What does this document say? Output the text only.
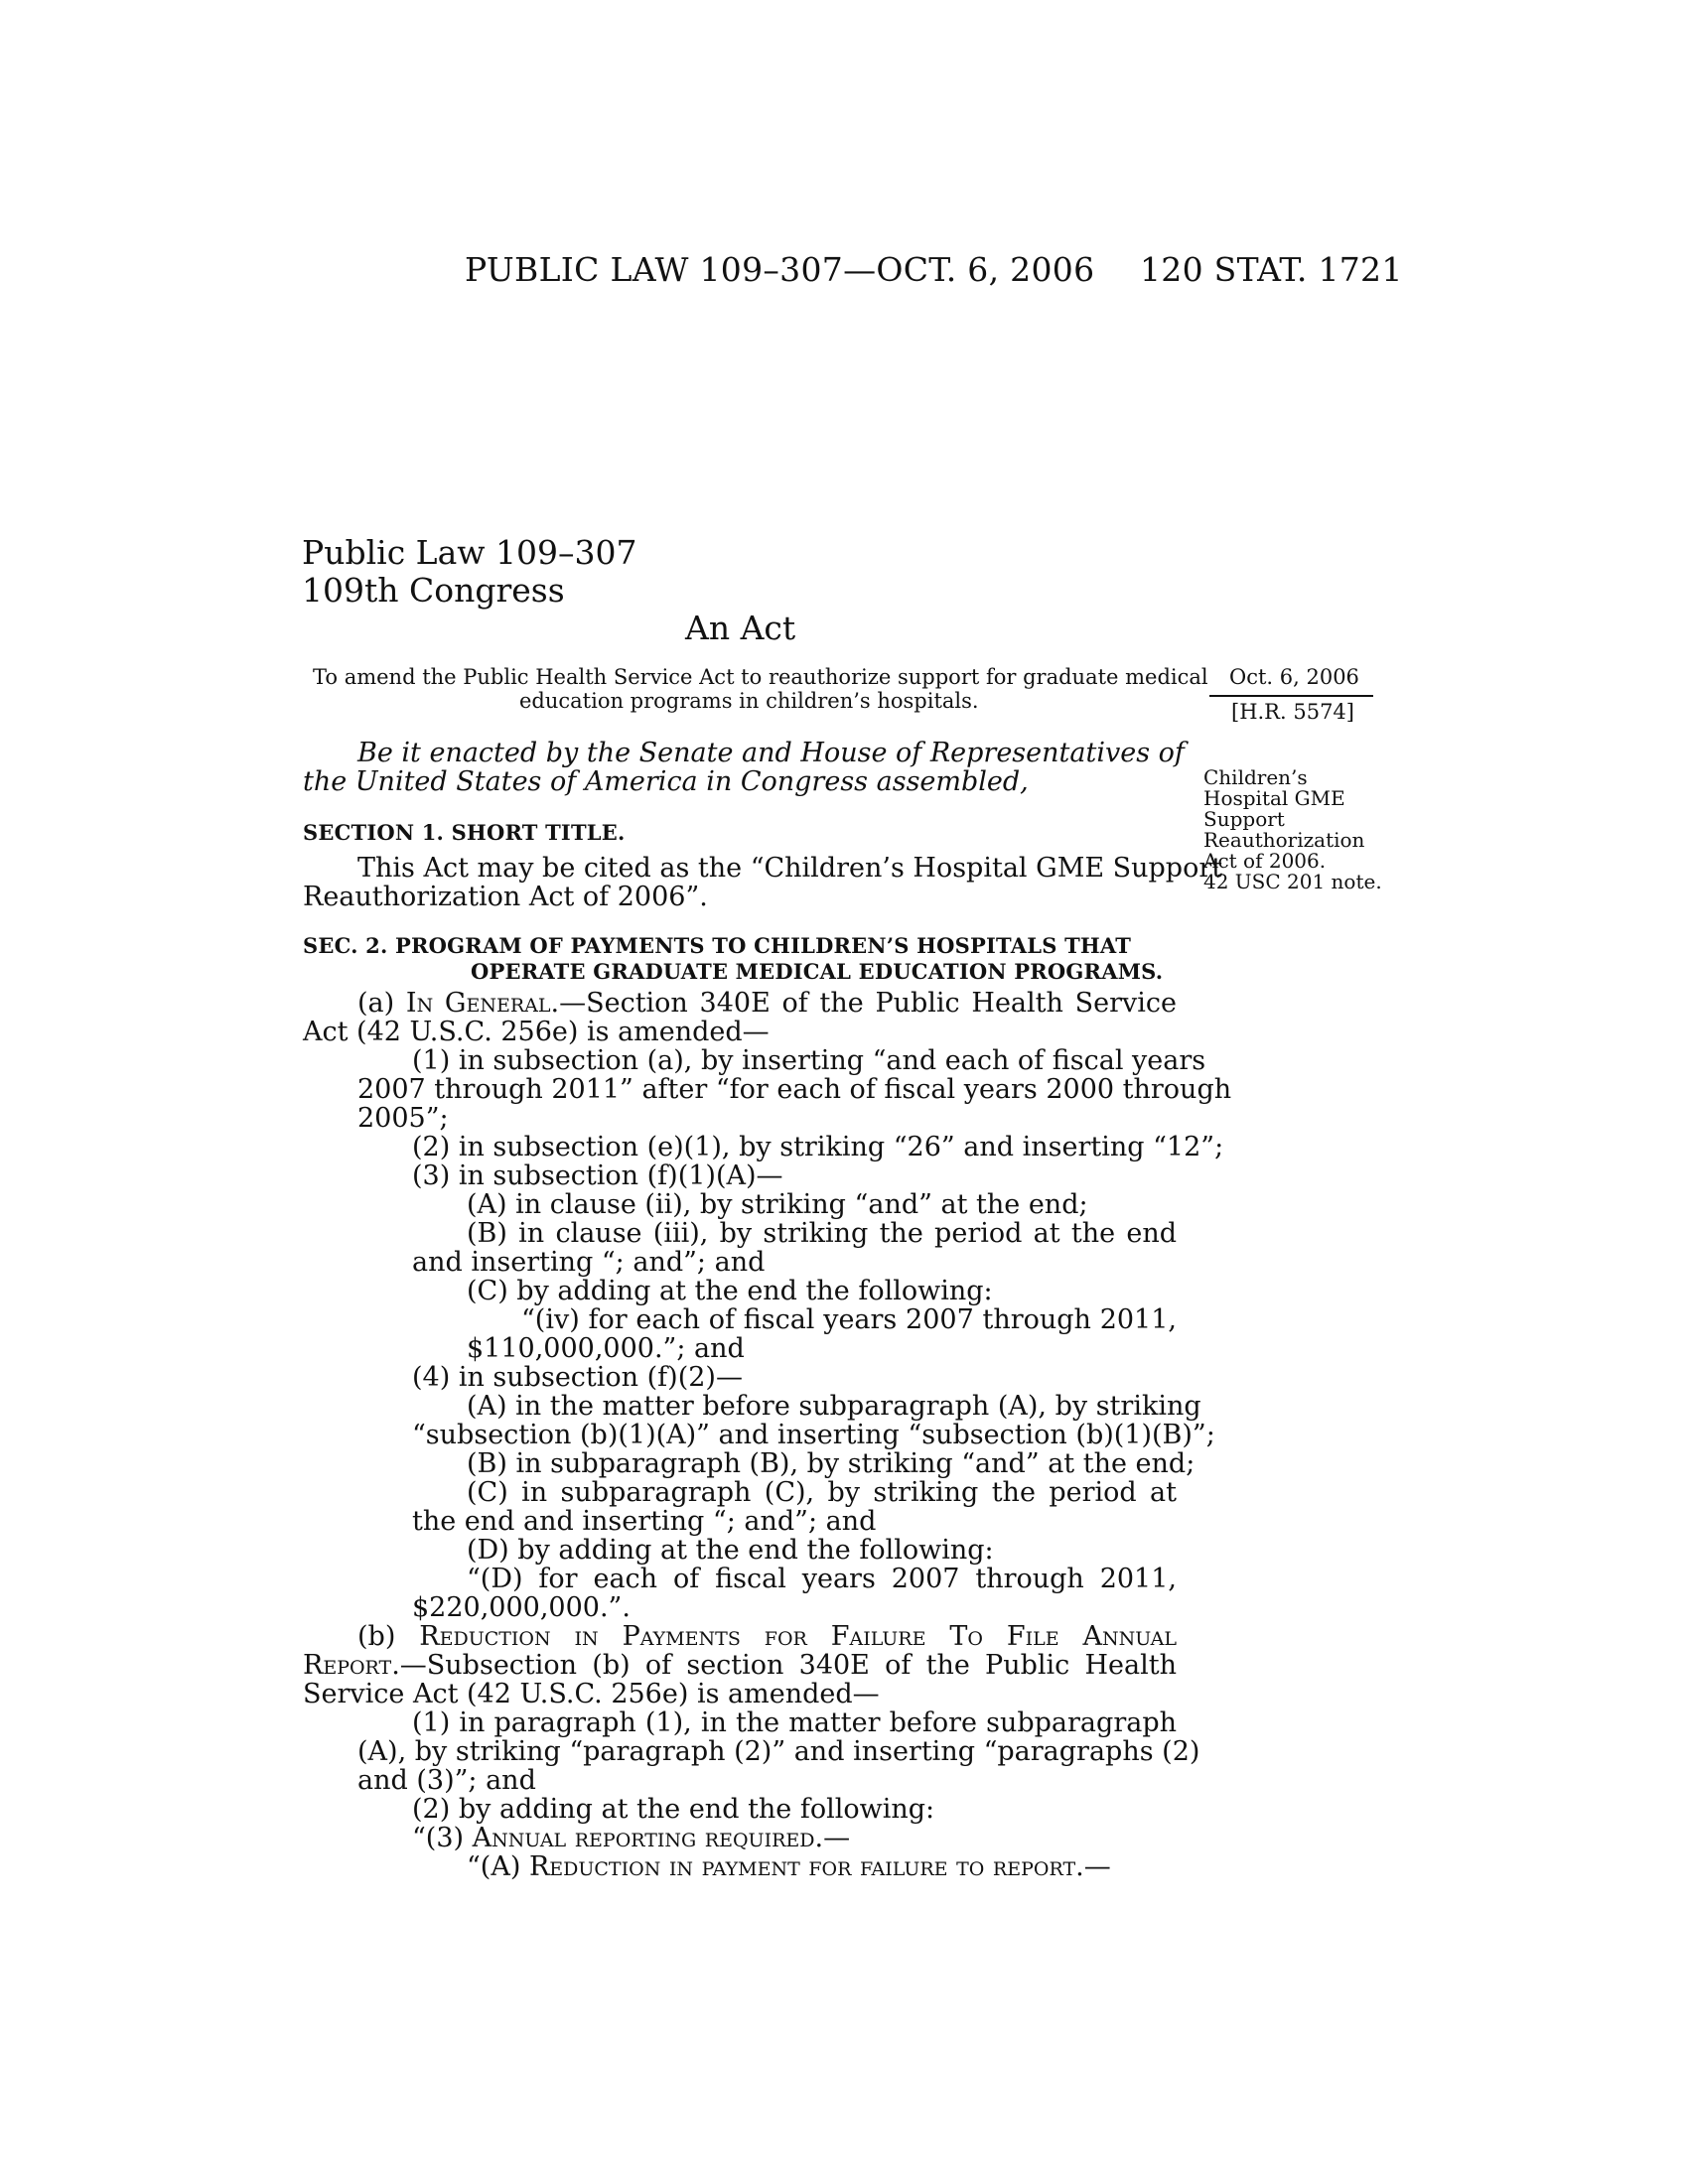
PUBLIC LAW 109–307—OCT. 6, 2006 120 STAT. 1721
Public Law 109–307
109th Congress
An Act
To amend the Public Health Service Act to reauthorize support for graduate medical
education programs in children’s hospitals.
Oct. 6, 2006
[H.R. 5574]
Children’s
Hospital GME
Support
Reauthorization
Act of 2006.
42 USC 201 note.
Be it enacted by the Senate and House of Representatives of
the United States of America in Congress assembled,
SECTION 1. SHORT TITLE.
This Act may be cited as the “Children’s Hospital GME Support
Reauthorization Act of 2006”.
SEC. 2. PROGRAM OF PAYMENTS TO CHILDREN’S HOSPITALS THAT
OPERATE GRADUATE MEDICAL EDUCATION PROGRAMS.
(a) In General.—Section 340E of the Public Health Service
Act (42 U.S.C. 256e) is amended—
(1) in subsection (a), by inserting “and each of fiscal years
2007 through 2011” after “for each of fiscal years 2000 through
2005”;
(2) in subsection (e)(1), by striking “26” and inserting “12”;
(3) in subsection (f)(1)(A)—
(A) in clause (ii), by striking “and” at the end;
(B) in clause (iii), by striking the period at the end
and inserting “; and”; and
(C) by adding at the end the following:
“(iv) for each of fiscal years 2007 through 2011,
$110,000,000.”; and
(4) in subsection (f)(2)—
(A) in the matter before subparagraph (A), by striking
“subsection (b)(1)(A)” and inserting “subsection (b)(1)(B)”;
(B) in subparagraph (B), by striking “and” at the end;
(C) in subparagraph (C), by striking the period at
the end and inserting “; and”; and
(D) by adding at the end the following:
“(D) for each of fiscal years 2007 through 2011,
$220,000,000.”.
(b) Reduction in Payments for Failure To File Annual
Report.—Subsection (b) of section 340E of the Public Health
Service Act (42 U.S.C. 256e) is amended—
(1) in paragraph (1), in the matter before subparagraph
(A), by striking “paragraph (2)” and inserting “paragraphs (2)
and (3)”; and
(2) by adding at the end the following:
“(3) Annual reporting required.—
“(A) Reduction in payment for failure to report.—
